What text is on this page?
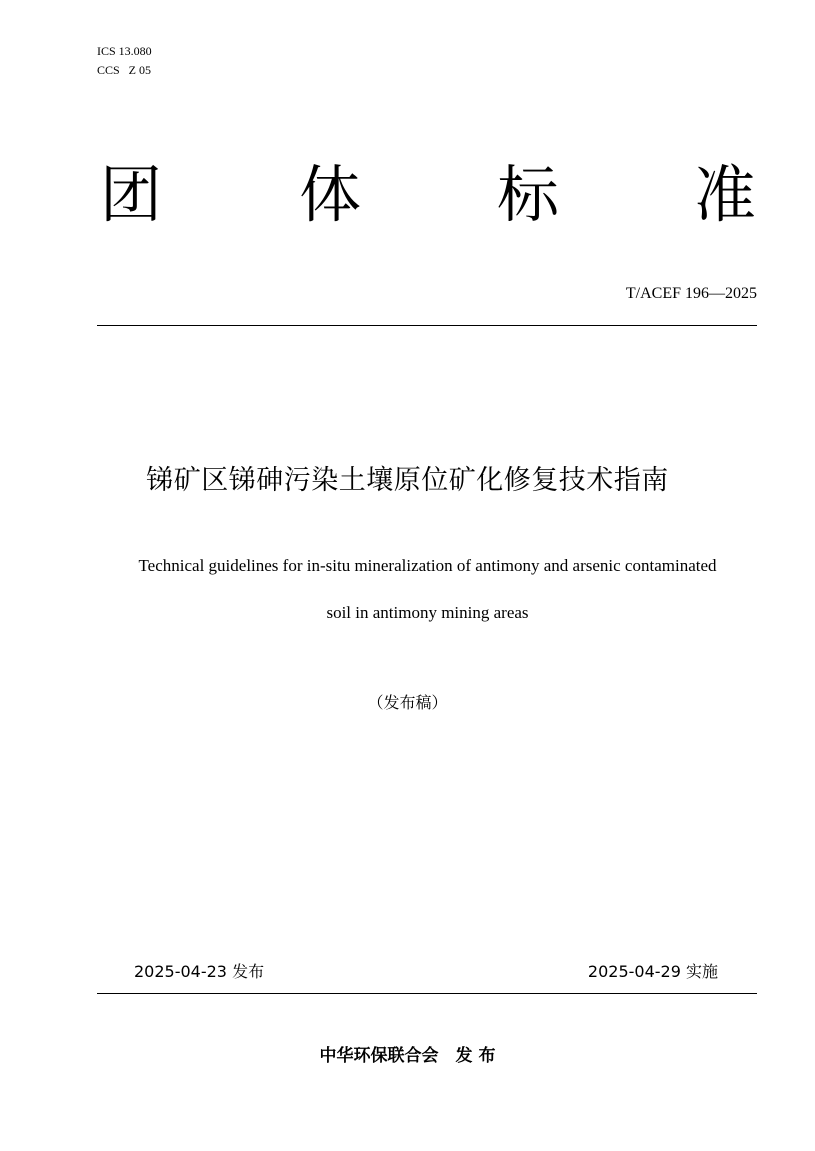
ICS 13.080
CCS   Z 05
团 体 标 准
T/ACEF 196—2025
锑矿区锑砷污染土壤原位矿化修复技术指南
Technical guidelines for in-situ mineralization of antimony and arsenic contaminated
soil in antimony mining areas
（发布稿）
2025-04-23 发布	2025-04-29 实施
中华环保联合会　发 布
